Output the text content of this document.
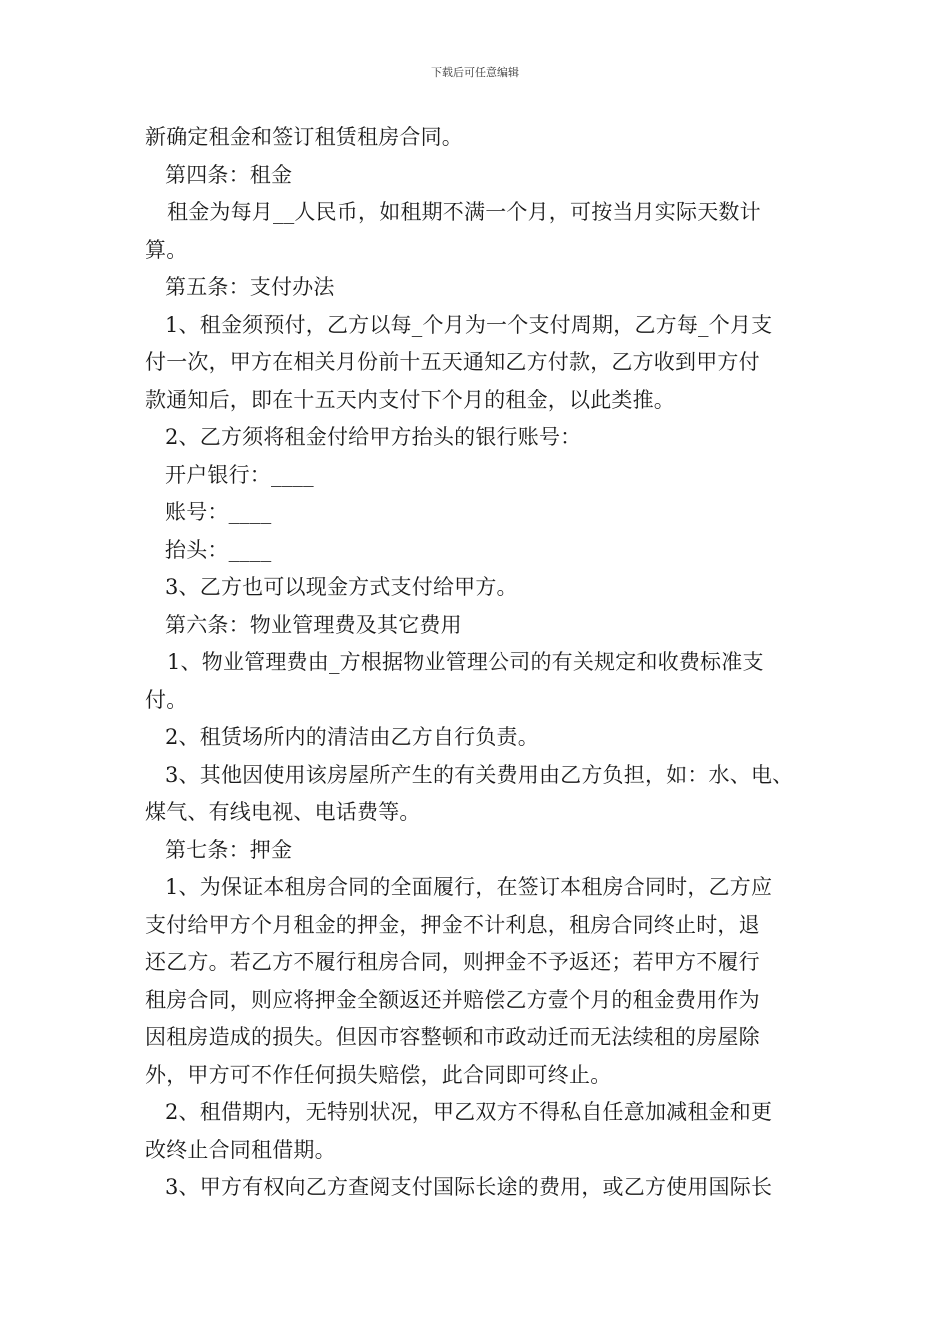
下载后可任意编辑
新确定租金和签订租赁租房合同。
第四条：租金
租金为每月__人民币，如租期不满一个月，可按当月实际天数计
算。
第五条：支付办法
1、租金须预付，乙方以每_个月为一个支付周期，乙方每_个月支
付一次，甲方在相关月份前十五天通知乙方付款，乙方收到甲方付
款通知后，即在十五天内支付下个月的租金，以此类推。
2、乙方须将租金付给甲方抬头的银行账号：
开户银行：____
账号：____
抬头：____
3、乙方也可以现金方式支付给甲方。
第六条：物业管理费及其它费用
1、物业管理费由_方根据物业管理公司的有关规定和收费标准支
付。
2、租赁场所内的清洁由乙方自行负责。
3、其他因使用该房屋所产生的有关费用由乙方负担，如：水、电、
煤气、有线电视、电话费等。
第七条：押金
1、为保证本租房合同的全面履行，在签订本租房合同时，乙方应
支付给甲方个月租金的押金，押金不计利息，租房合同终止时，退
还乙方。若乙方不履行租房合同，则押金不予返还；若甲方不履行
租房合同，则应将押金全额返还并赔偿乙方壹个月的租金费用作为
因租房造成的损失。但因市容整顿和市政动迁而无法续租的房屋除
外，甲方可不作任何损失赔偿，此合同即可终止。
2、租借期内，无特别状况，甲乙双方不得私自任意加减租金和更
改终止合同租借期。
3、甲方有权向乙方查阅支付国际长途的费用，或乙方使用国际长
